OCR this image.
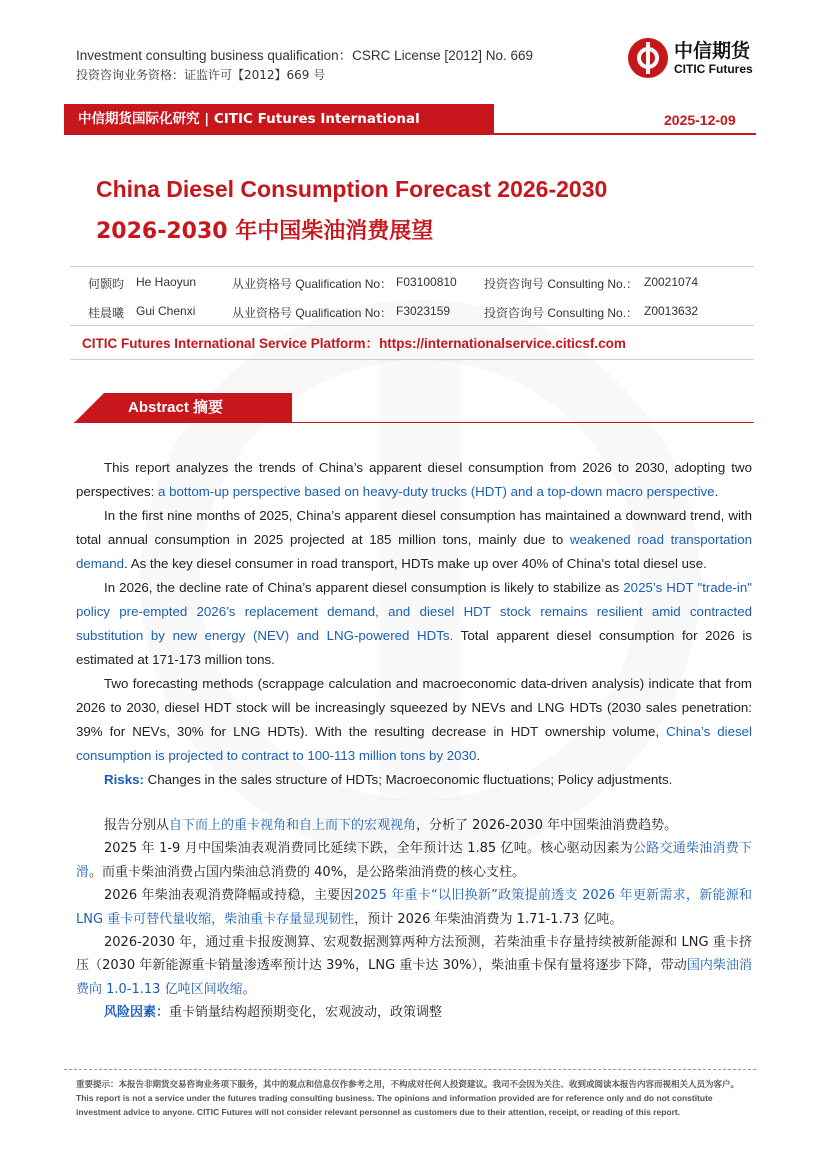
Investment consulting business qualification：CSRC License [2012] No. 669
投资咨询业务资格：证监许可【2012】669 号
中信期货
CITIC Futures
中信期货国际化研究 | CITIC Futures International Research
2025-12-09
China Diesel Consumption Forecast 2026-2030
2026-2030 年中国柴油消费展望
何颢昀 He Haoyun	从业资格号 Qualification No： F03100810 投资咨询号 Consulting No.： Z0021074
桂晨曦 Gui Chenxi	从业资格号 Qualification No： F3023159	投资咨询号 Consulting No.： Z0013632
CITIC Futures International Service Platform：https://internationalservice.citicsf.com
Abstract 摘要

This report analyzes the trends of China’s apparent diesel consumption from 2026 to 2030, adopting two perspectives: a bottom-up perspective based on heavy-duty trucks (HDT) and a top-down macro perspective.

In the first nine months of 2025, China’s apparent diesel consumption has maintained a downward trend, with total annual consumption in 2025 projected at 185 million tons, mainly due to weakened road transportation demand. As the key diesel consumer in road transport, HDTs make up over 40% of China's total diesel use.

In 2026, the decline rate of China’s apparent diesel consumption is likely to stabilize as 2025’s HDT "trade-in" policy pre-empted 2026’s replacement demand, and diesel HDT stock remains resilient amid contracted substitution by new energy (NEV) and LNG-powered HDTs. Total apparent diesel consumption for 2026 is estimated at 171-173 million tons.

Two forecasting methods (scrappage calculation and macroeconomic data-driven analysis) indicate that from 2026 to 2030, diesel HDT stock will be increasingly squeezed by NEVs and LNG HDTs (2030 sales penetration: 39% for NEVs, 30% for LNG HDTs). With the resulting decrease in HDT ownership volume, China’s diesel consumption is projected to contract to 100-113 million tons by 2030.

Risks: Changes in the sales structure of HDTs; Macroeconomic fluctuations; Policy adjustments.

报告分别从自下而上的重卡视角和自上而下的宏观视角，分析了 2026-2030 年中国柴油消费趋势。

2025 年 1-9 月中国柴油表观消费同比延续下跌，全年预计达 1.85 亿吨。核心驱动因素为公路交通柴油消费下滑。而重卡柴油消费占国内柴油总消费的 40%，是公路柴油消费的核心支柱。

2026 年柴油表观消费降幅或持稳，主要因2025 年重卡“以旧换新”政策提前透支 2026 年更新需求，新能源和 LNG 重卡可替代量收缩，柴油重卡存量显现韧性，预计 2026 年柴油消费为 1.71-1.73 亿吨。

2026-2030 年，通过重卡报废测算、宏观数据测算两种方法预测，若柴油重卡存量持续被新能源和 LNG 重卡挤压（2030 年新能源重卡销量渗透率预计达 39%，LNG 重卡达 30%），柴油重卡保有量将逐步下降，带动国内柴油消费向 1.0-1.13 亿吨区间收缩。

风险因素：重卡销量结构超预期变化，宏观波动，政策调整

重要提示：本报告非期货交易咨询业务项下服务，其中的观点和信息仅作参考之用，不构成对任何人投资建议。我司不会因为关注、收到或阅读本报告内容而视相关人员为客户。 This report is not a service under the futures trading consulting business. The opinions and information provided are for reference only and do not constitute investment advice to anyone. CITIC Futures will not consider relevant personnel as customers due to their attention, receipt, or reading of this report.
